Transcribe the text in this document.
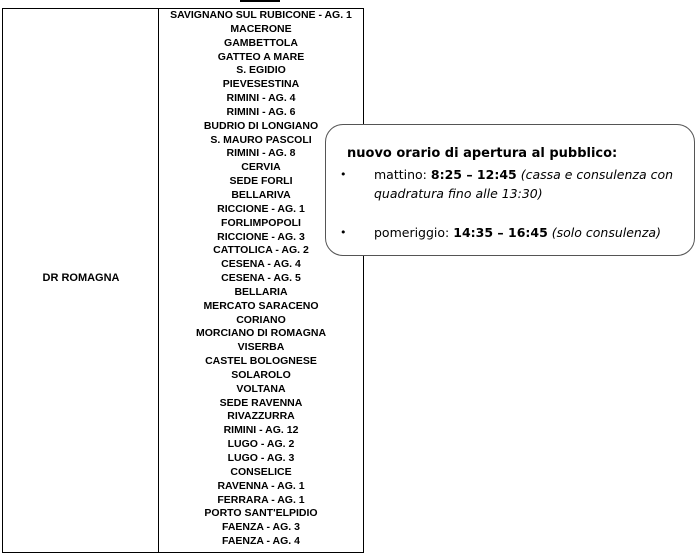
DR ROMAGNA
SAVIGNANO SUL RUBICONE - AG. 1
MACERONE
GAMBETTOLA
GATTEO A MARE
S. EGIDIO
PIEVESESTINA
RIMINI - AG. 4
RIMINI - AG. 6
BUDRIO DI LONGIANO
S. MAURO PASCOLI
RIMINI - AG. 8
CERVIA
SEDE FORLI
BELLARIVA
RICCIONE - AG. 1
FORLIMPOPOLI
RICCIONE - AG. 3
CATTOLICA - AG. 2
CESENA - AG. 4
CESENA - AG. 5
BELLARIA
MERCATO SARACENO
CORIANO
MORCIANO DI ROMAGNA
VISERBA
CASTEL BOLOGNESE
SOLAROLO
VOLTANA
SEDE RAVENNA
RIVAZZURRA
RIMINI - AG. 12
LUGO - AG. 2
LUGO - AG. 3
CONSELICE
RAVENNA - AG. 1
FERRARA - AG. 1
PORTO SANT'ELPIDIO
FAENZA - AG. 3
FAENZA - AG. 4
nuovo orario di apertura al pubblico:
• mattino: 8:25 – 12:45 (cassa e consulenza con quadratura fino alle 13:30)
• pomeriggio: 14:35 – 16:45 (solo consulenza)
